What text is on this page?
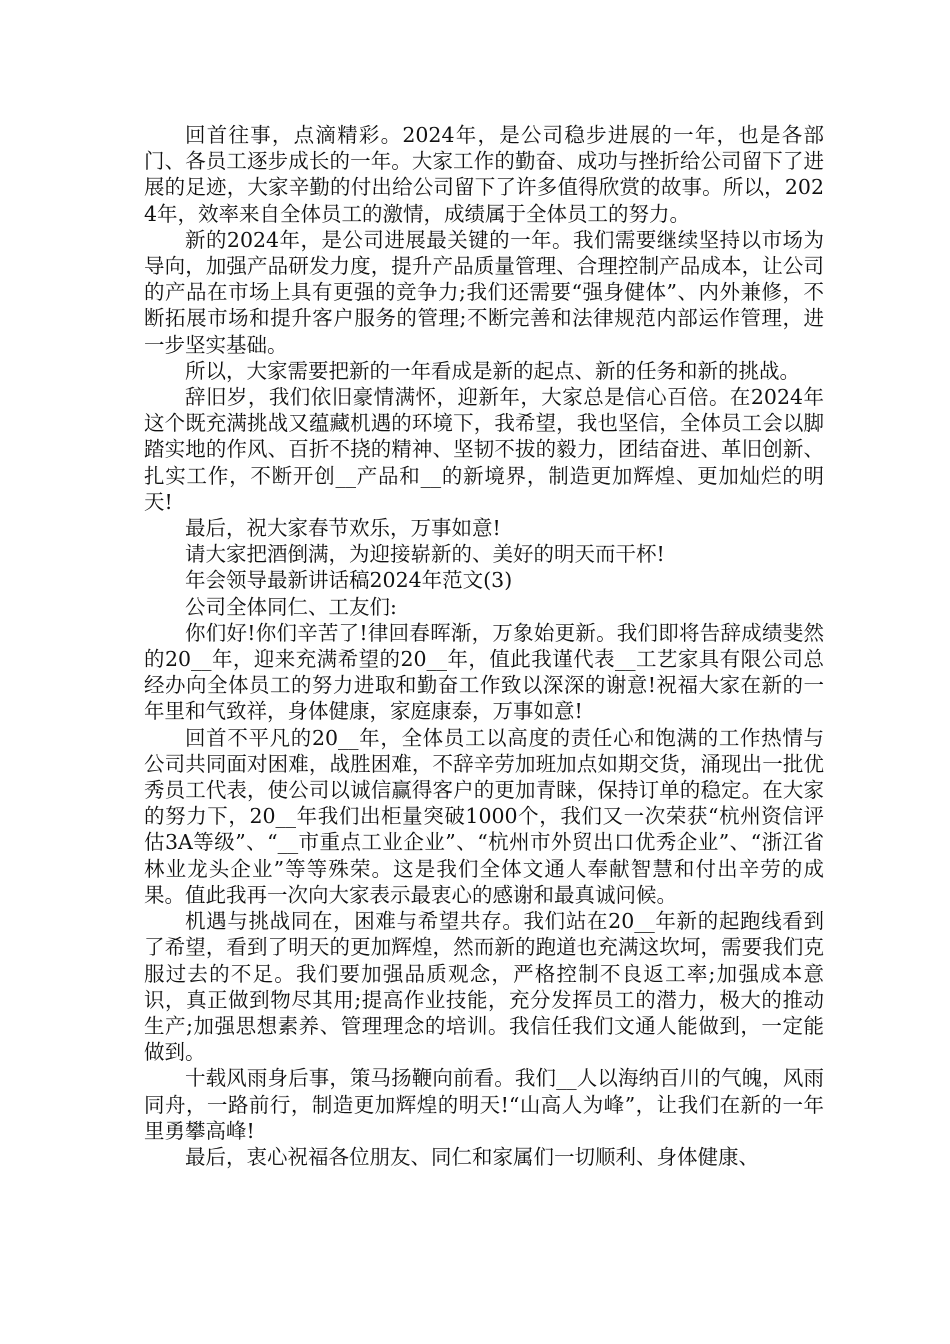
回首往事，点滴精彩。2024年，是公司稳步进展的一年，也是各部门、各员工逐步成长的一年。大家工作的勤奋、成功与挫折给公司留下了进展的足迹，大家辛勤的付出给公司留下了许多值得欣赏的故事。所以，2024年，效率来自全体员工的激情，成绩属于全体员工的努力。

新的2024年，是公司进展最关键的一年。我们需要继续坚持以市场为导向，加强产品研发力度，提升产品质量管理、合理控制产品成本，让公司的产品在市场上具有更强的竞争力;我们还需要“强身健体”、内外兼修，不断拓展市场和提升客户服务的管理;不断完善和法律规范内部运作管理，进一步坚实基础。

所以，大家需要把新的一年看成是新的起点、新的任务和新的挑战。

辞旧岁，我们依旧豪情满怀，迎新年，大家总是信心百倍。在2024年这个既充满挑战又蕴藏机遇的环境下，我希望，我也坚信，全体员工会以脚踏实地的作风、百折不挠的精神、坚韧不拔的毅力，团结奋进、革旧创新、扎实工作，不断开创__产品和__的新境界，制造更加辉煌、更加灿烂的明天!

最后，祝大家春节欢乐，万事如意!

请大家把酒倒满，为迎接崭新的、美好的明天而干杯!

年会领导最新讲话稿2024年范文(3)

公司全体同仁、工友们:

你们好!你们辛苦了!律回春晖渐，万象始更新。我们即将告辞成绩斐然的20__年，迎来充满希望的20__年，值此我谨代表__工艺家具有限公司总经办向全体员工的努力进取和勤奋工作致以深深的谢意!祝福大家在新的一年里和气致祥，身体健康，家庭康泰，万事如意!

回首不平凡的20__年，全体员工以高度的责任心和饱满的工作热情与公司共同面对困难，战胜困难，不辞辛劳加班加点如期交货，涌现出一批优秀员工代表，使公司以诚信赢得客户的更加青睐，保持订单的稳定。在大家的努力下，20__年我们出柜量突破1000个，我们又一次荣获“杭州资信评估3A等级”、“__市重点工业企业”、“杭州市外贸出口优秀企业”、“浙江省林业龙头企业”等等殊荣。这是我们全体文通人奉献智慧和付出辛劳的成果。值此我再一次向大家表示最衷心的感谢和最真诚问候。

机遇与挑战同在，困难与希望共存。我们站在20__年新的起跑线看到了希望，看到了明天的更加辉煌，然而新的跑道也充满这坎坷，需要我们克服过去的不足。我们要加强品质观念，严格控制不良返工率;加强成本意识，真正做到物尽其用;提高作业技能，充分发挥员工的潜力，极大的推动生产;加强思想素养、管理理念的培训。我信任我们文通人能做到，一定能做到。

十载风雨身后事，策马扬鞭向前看。我们__人以海纳百川的气魄，风雨同舟，一路前行，制造更加辉煌的明天!“山高人为峰”，让我们在新的一年里勇攀高峰!

最后，衷心祝福各位朋友、同仁和家属们一切顺利、身体健康、
